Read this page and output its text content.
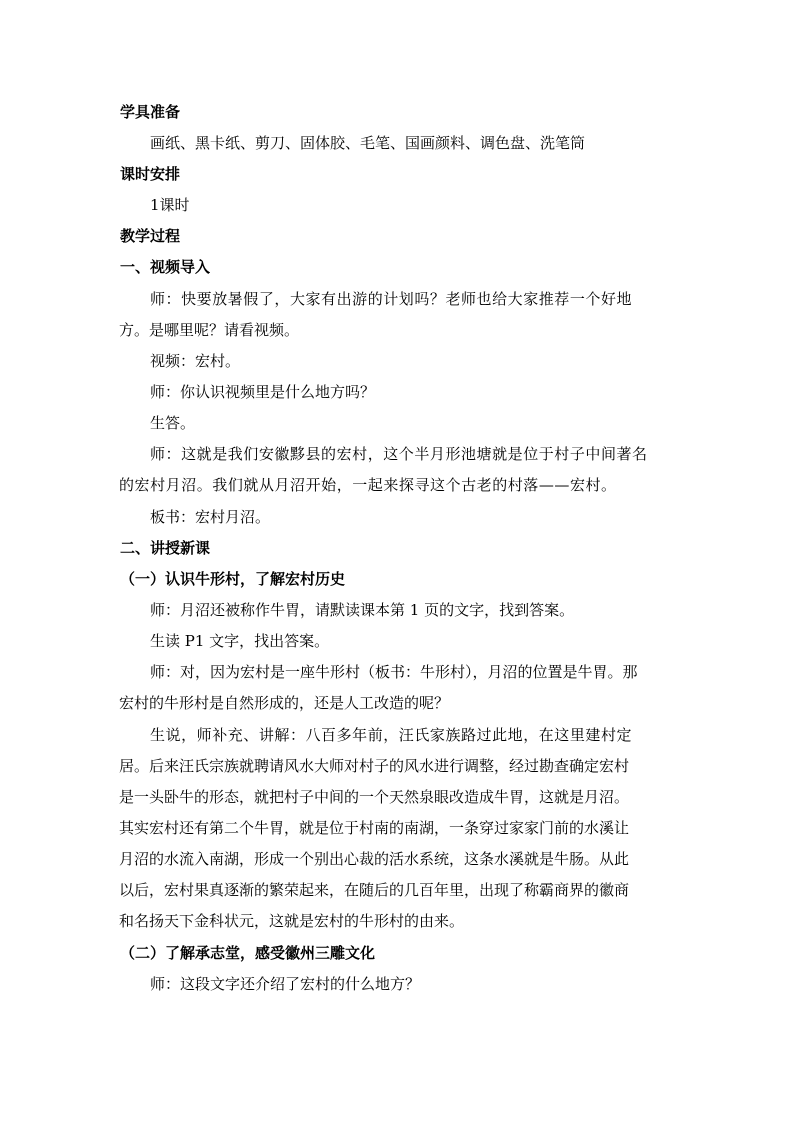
学具准备
画纸、黑卡纸、剪刀、固体胶、毛笔、国画颜料、调色盘、洗笔筒
课时安排
1课时
教学过程
一、视频导入
师：快要放暑假了，大家有出游的计划吗？老师也给大家推荐一个好地
方。是哪里呢？请看视频。
视频：宏村。
师：你认识视频里是什么地方吗？
生答。
师：这就是我们安徽黟县的宏村，这个半月形池塘就是位于村子中间著名
的宏村月沼。我们就从月沼开始，一起来探寻这个古老的村落——宏村。
板书：宏村月沼。
二、讲授新课
（一）认识牛形村，了解宏村历史
师：月沼还被称作牛胃，请默读课本第 1 页的文字，找到答案。
生读 P1 文字，找出答案。
师：对，因为宏村是一座牛形村（板书：牛形村），月沼的位置是牛胃。那
宏村的牛形村是自然形成的，还是人工改造的呢？
生说，师补充、讲解：八百多年前，汪氏家族路过此地，在这里建村定
居。后来汪氏宗族就聘请风水大师对村子的风水进行调整，经过勘查确定宏村
是一头卧牛的形态，就把村子中间的一个天然泉眼改造成牛胃，这就是月沼。
其实宏村还有第二个牛胃，就是位于村南的南湖，一条穿过家家门前的水溪让
月沼的水流入南湖，形成一个别出心裁的活水系统，这条水溪就是牛肠。从此
以后，宏村果真逐渐的繁荣起来，在随后的几百年里，出现了称霸商界的徽商
和名扬天下金科状元，这就是宏村的牛形村的由来。
（二）了解承志堂，感受徽州三雕文化
师：这段文字还介绍了宏村的什么地方？
